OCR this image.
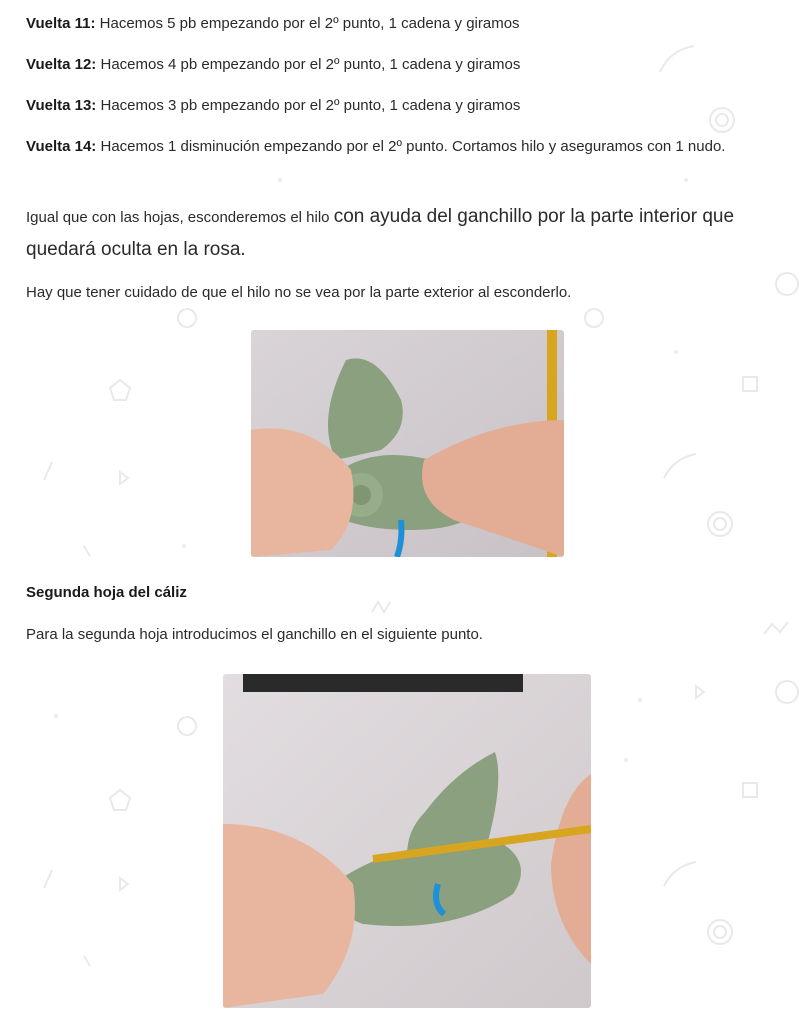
Vuelta 11: Hacemos 5 pb empezando por el 2º punto, 1 cadena y giramos

Vuelta 12: Hacemos 4 pb empezando por el 2º punto, 1 cadena y giramos

Vuelta 13: Hacemos 3 pb empezando por el 2º punto, 1 cadena y giramos

Vuelta 14: Hacemos 1 disminución empezando por el 2º punto. Cortamos hilo y aseguramos con 1 nudo.

Igual que con las hojas, esconderemos el hilo con ayuda del ganchillo por la parte interior que quedará oculta en la rosa.

Hay que tener cuidado de que el hilo no se vea por la parte exterior al esconderlo.

Segunda hoja del cáliz

Para la segunda hoja introducimos el ganchillo en el siguiente punto.
